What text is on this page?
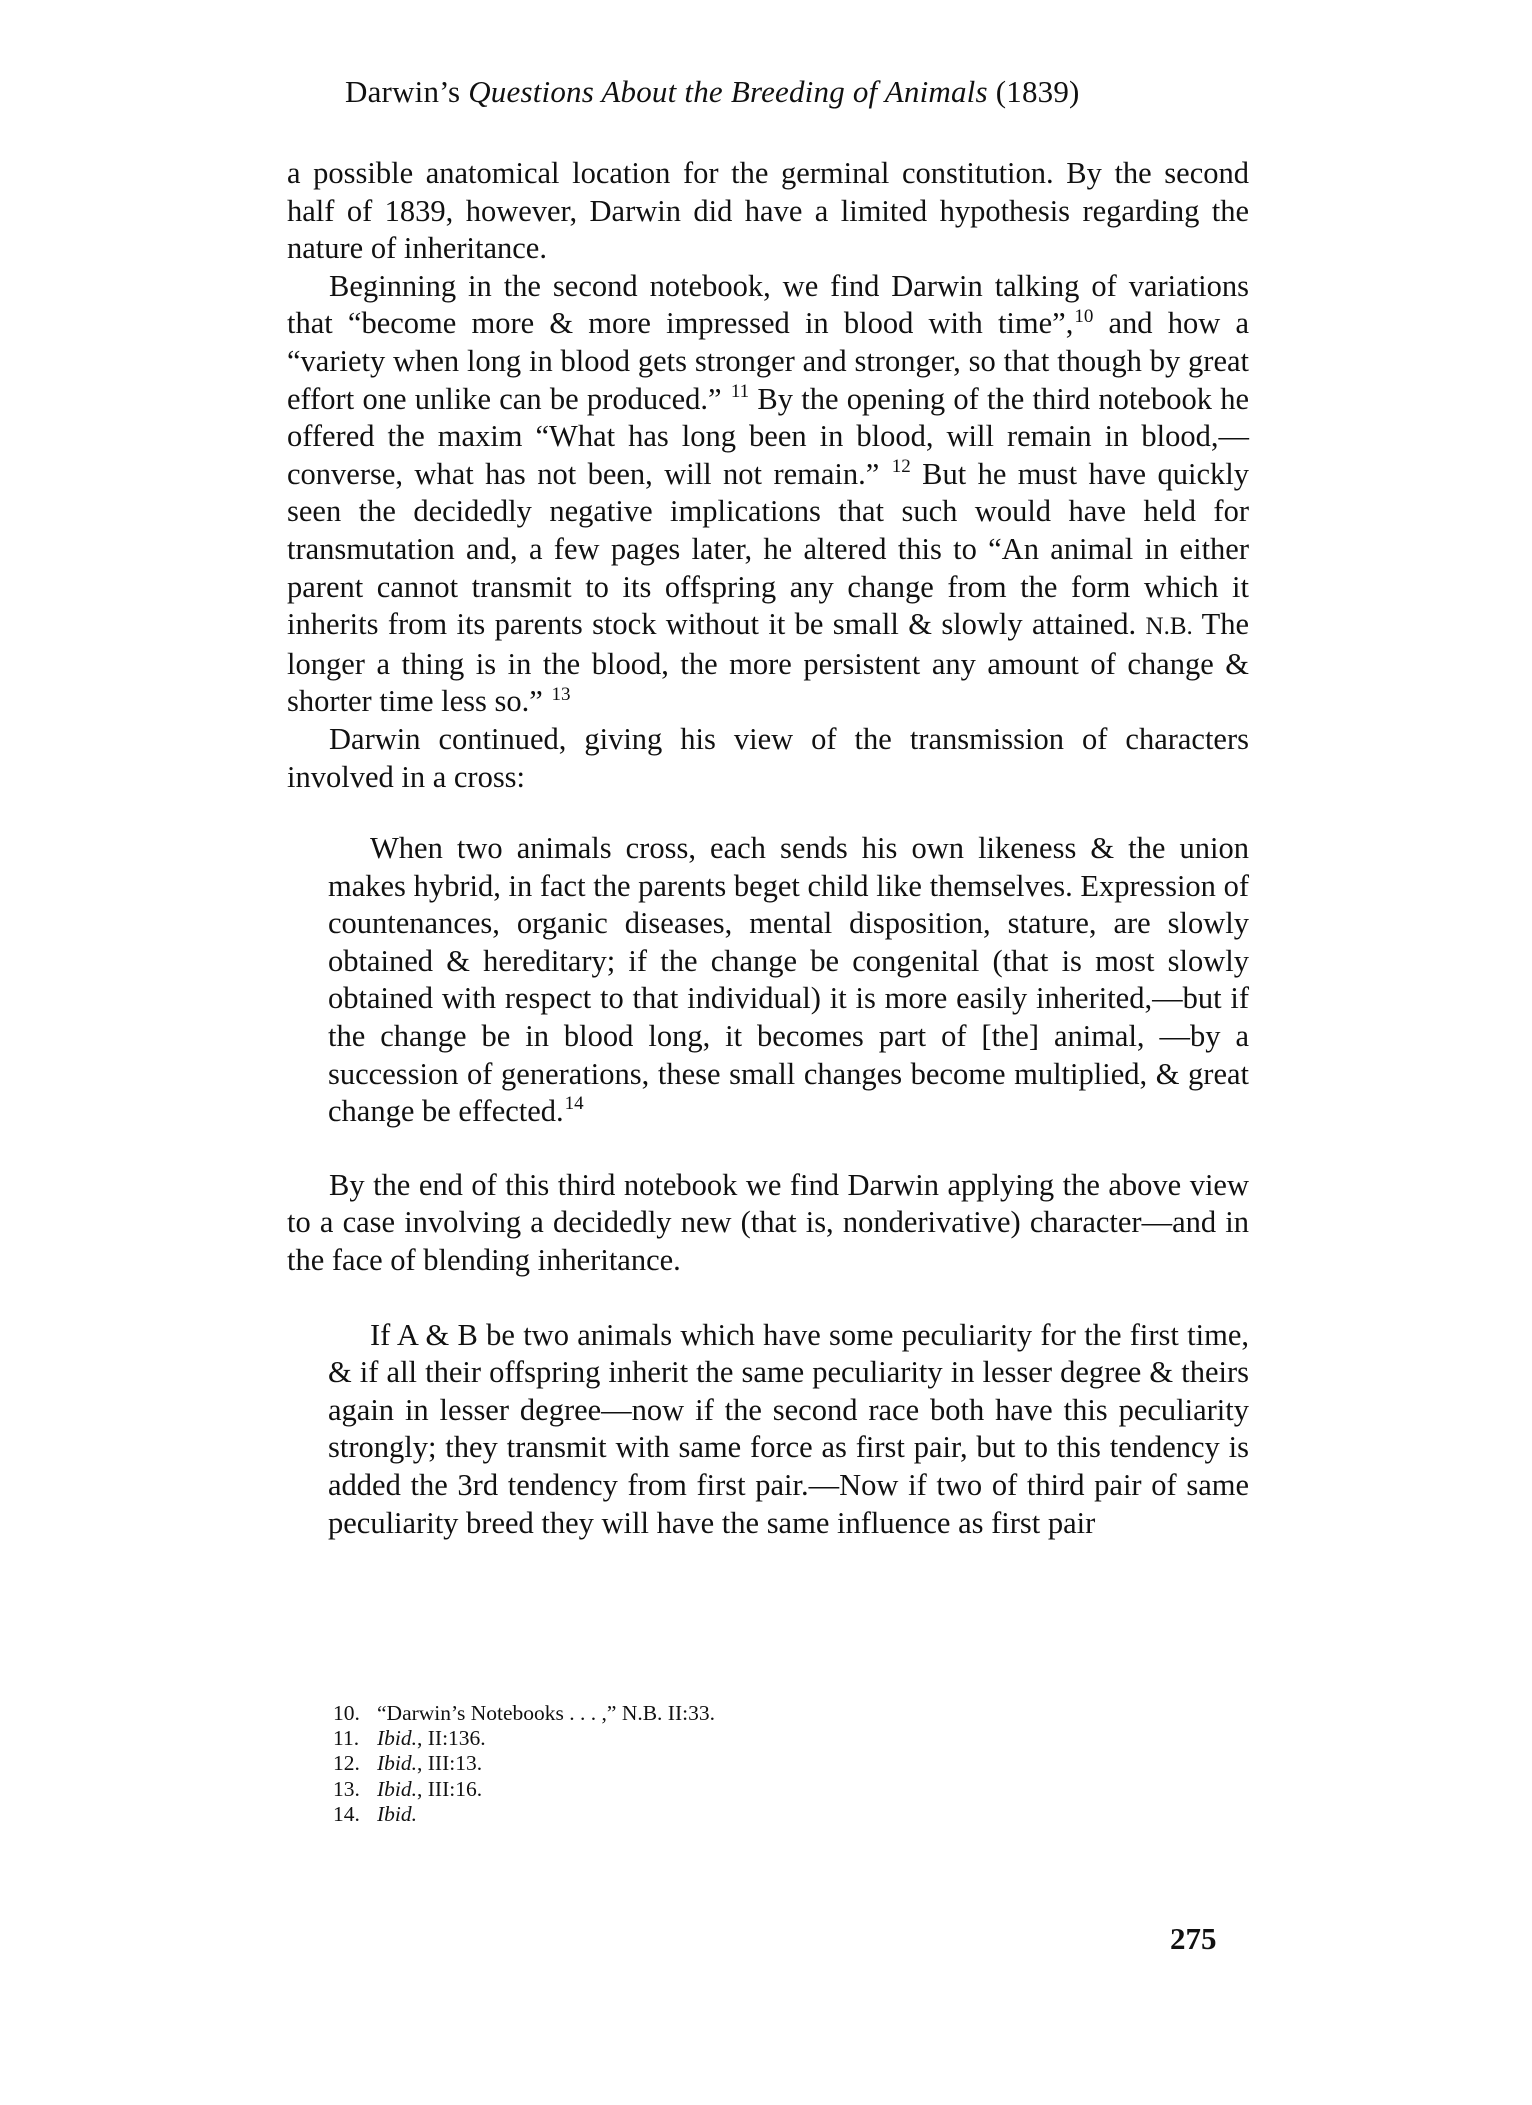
Darwin’s Questions About the Breeding of Animals (1839)

a possible anatomical location for the germinal constitution. By the second half of 1839, however, Darwin did have a limited hypothesis regarding the nature of inheritance.

Beginning in the second notebook, we find Darwin talking of variations that “become more & more impressed in blood with time”,$^{10}$ and how a “variety when long in blood gets stronger and stronger, so that though by great effort one unlike can be produced.” $^{11}$ By the opening of the third notebook he offered the maxim “What has long been in blood, will remain in blood,—converse, what has not been, will not remain.” $^{12}$ But he must have quickly seen the decidedly negative implications that such would have held for transmutation and, a few pages later, he altered this to “An animal in either parent cannot transmit to its offspring any change from the form which it inherits from its parents stock without it be small & slowly attained. N.B. The longer a thing is in the blood, the more persistent any amount of change & shorter time less so.” $^{13}$

Darwin continued, giving his view of the transmission of characters involved in a cross:

When two animals cross, each sends his own likeness & the union makes hybrid, in fact the parents beget child like themselves. Expression of countenances, organic diseases, mental disposition, stature, are slowly obtained & hereditary; if the change be congenital (that is most slowly obtained with respect to that individual) it is more easily inherited,—but if the change be in blood long, it becomes part of [the] animal, —by a succession of generations, these small changes become multiplied, & great change be effected.$^{14}$

By the end of this third notebook we find Darwin applying the above view to a case involving a decidedly new (that is, nonderivative) character—and in the face of blending inheritance.

If A & B be two animals which have some peculiarity for the first time, & if all their offspring inherit the same peculiarity in lesser degree & theirs again in lesser degree—now if the second race both have this peculiarity strongly; they transmit with same force as first pair, but to this tendency is added the 3rd tendency from first pair.—Now if two of third pair of same peculiarity breed they will have the same influence as first pair

10. “Darwin’s Notebooks . . . ,” N.B. II:33.
11. Ibid., II:136.
12. Ibid., III:13.
13. Ibid., III:16.
14. Ibid.
275
